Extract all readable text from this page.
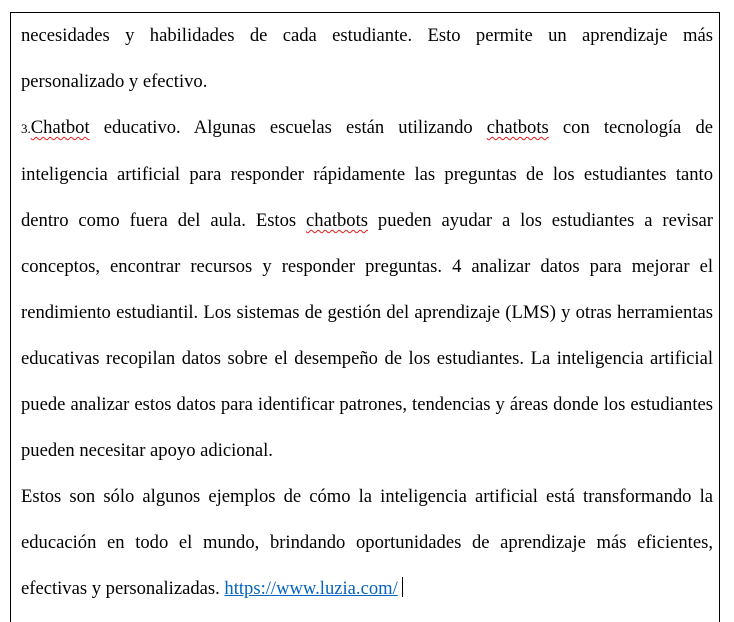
necesidades y habilidades de cada estudiante. Esto permite un aprendizaje más personalizado y efectivo.

3.Chatbot educativo. Algunas escuelas están utilizando chatbots con tecnología de inteligencia artificial para responder rápidamente las preguntas de los estudiantes tanto dentro como fuera del aula. Estos chatbots pueden ayudar a los estudiantes a revisar conceptos, encontrar recursos y responder preguntas. 4 analizar datos para mejorar el rendimiento estudiantil. Los sistemas de gestión del aprendizaje (LMS) y otras herramientas educativas recopilan datos sobre el desempeño de los estudiantes. La inteligencia artificial puede analizar estos datos para identificar patrones, tendencias y áreas donde los estudiantes pueden necesitar apoyo adicional.

Estos son sólo algunos ejemplos de cómo la inteligencia artificial está transformando la educación en todo el mundo, brindando oportunidades de aprendizaje más eficientes, efectivas y personalizadas. https://www.luzia.com/
